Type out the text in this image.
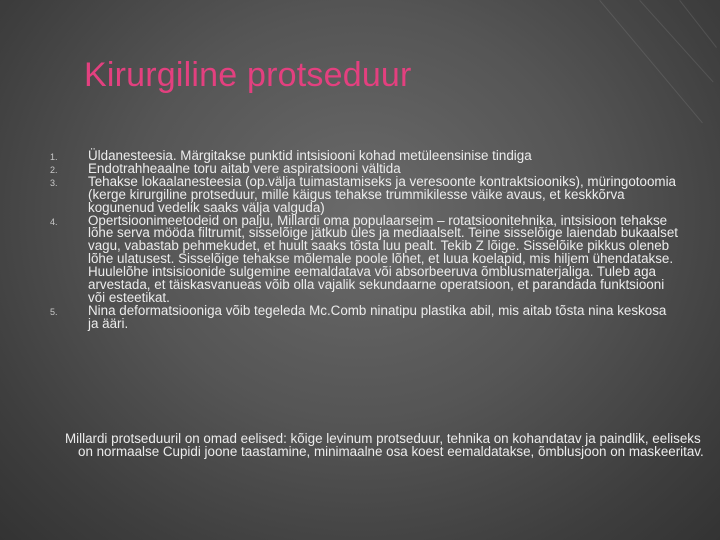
Kirurgiline protseduur
1.	Üldanesteesia. Märgitakse punktid intsisiooni kohad metüleensinise tindiga
2.	Endotrahheaalne toru aitab vere aspiratsiooni vältida
3.	Tehakse lokaalanesteesia (op.välja tuimastamiseks ja veresoonte kontraktsiooniks), müringotoomia (kerge kirurgiline protseduur, mille käigus tehakse trummikilesse väike avaus, et keskkõrva kogunenud vedelik saaks välja valguda)
4.	Opertsioonimeetodeid on palju, Millardi oma populaarseim – rotatsioonitehnika, intsisioon tehakse lõhe serva mööda filtrumit, sisselõige jätkub üles ja mediaalselt. Teine sisselõige laiendab bukaalset vagu, vabastab pehmekudet, et huult saaks tõsta luu pealt. Tekib Z lõige. Sisselõike pikkus oleneb lõhe ulatusest. Sisselõige tehakse mõlemale poole lõhet, et luua koelapid, mis hiljem ühendatakse. Huulelõhe intsisioonide sulgemine eemaldatava või absorbeeruva õmblusmaterjaliga. Tuleb aga arvestada, et täiskasvanueas võib olla vajalik sekundaarne operatsioon, et parandada funktsiooni või esteetikat.
5.	Nina deformatsiooniga võib tegeleda Mc.Comb ninatipu plastika abil, mis aitab tõsta nina keskosa ja ääri.
Millardi protseduuril on omad eelised: kõige levinum protseduur, tehnika on kohandatav ja paindlik, eeliseks on normaalse Cupidi joone taastamine, minimaalne osa koest eemaldatakse, õmblusjoon on maskeeritav.
